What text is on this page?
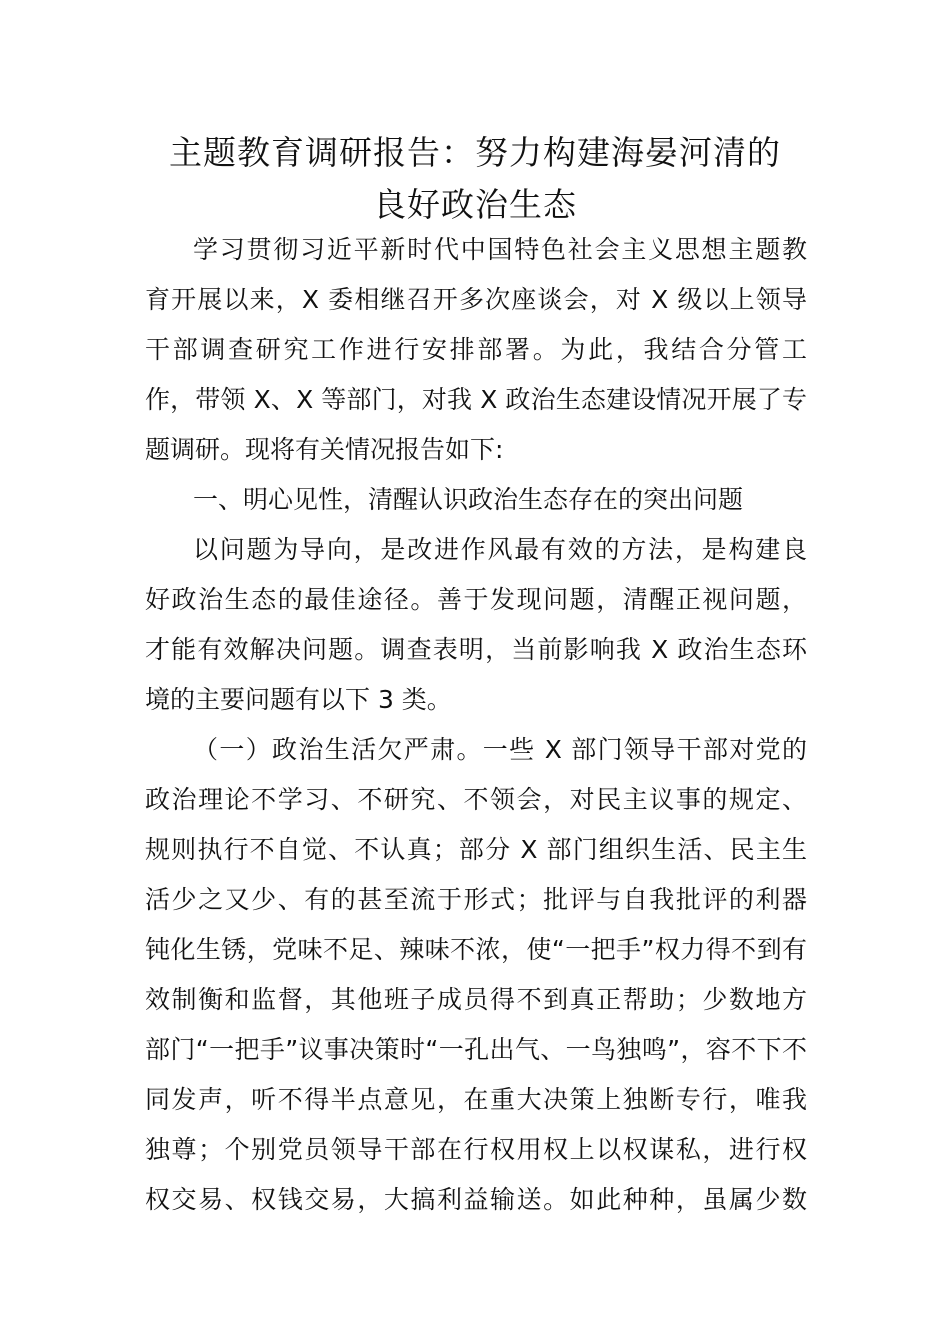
主题教育调研报告：努力构建海晏河清的
良好政治生态

学习贯彻习近平新时代中国特色社会主义思想主题教

育开展以来，X 委相继召开多次座谈会，对 X 级以上领导

干部调查研究工作进行安排部署。为此，我结合分管工

作，带领 X、X 等部门，对我 X 政治生态建设情况开展了专

题调研。现将有关情况报告如下:

一、明心见性，清醒认识政治生态存在的突出问题

以问题为导向，是改进作风最有效的方法，是构建良

好政治生态的最佳途径。善于发现问题，清醒正视问题，

才能有效解决问题。调查表明，当前影响我 X 政治生态环

境的主要问题有以下 3 类。

（一）政治生活欠严肃。一些 X 部门领导干部对党的

政治理论不学习、不研究、不领会，对民主议事的规定、

规则执行不自觉、不认真；部分 X 部门组织生活、民主生

活少之又少、有的甚至流于形式；批评与自我批评的利器

钝化生锈，党味不足、辣味不浓，使“一把手”权力得不到有

效制衡和监督，其他班子成员得不到真正帮助；少数地方

部门“一把手”议事决策时“一孔出气、一鸟独鸣”，容不下不

同发声，听不得半点意见，在重大决策上独断专行，唯我

独尊；个别党员领导干部在行权用权上以权谋私，进行权

权交易、权钱交易，大搞利益输送。如此种种，虽属少数
